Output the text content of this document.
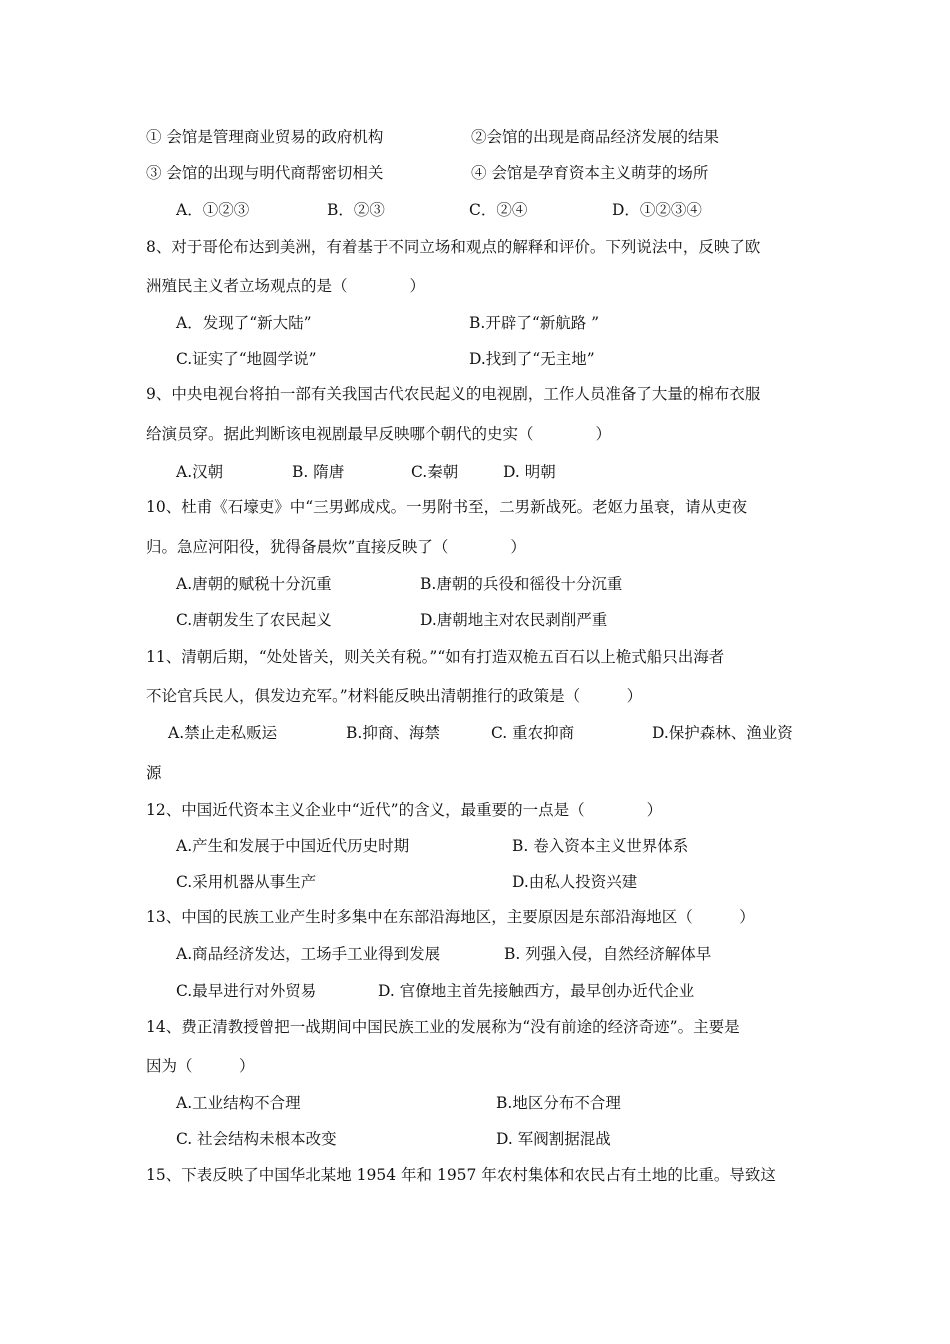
① 会馆是管理商业贸易的政府机构	②会馆的出现是商品经济发展的结果
③ 会馆的出现与明代商帮密切相关	④ 会馆是孕育资本主义萌芽的场所
A．①②③	B．②③	C．②④	D．①②③④
8、对于哥伦布达到美洲，有着基于不同立场和观点的解释和评价。下列说法中，反映了欧
洲殖民主义者立场观点的是（　　　　）
A．发现了“新大陆”	B.开辟了“新航路 ”
C.证实了“地圆学说”	D.找到了“无主地”
9、中央电视台将拍一部有关我国古代农民起义的电视剧，工作人员准备了大量的棉布衣服
给演员穿。据此判断该电视剧最早反映哪个朝代的史实（　　　　）
A.汉朝	B. 隋唐	C.秦朝	D. 明朝
10、杜甫《石壕吏》中“三男邺成戍。一男附书至，二男新战死。老妪力虽衰，请从吏夜
归。急应河阳役，犹得备晨炊”直接反映了（　　　　）
A.唐朝的赋税十分沉重	B.唐朝的兵役和徭役十分沉重
C.唐朝发生了农民起义	D.唐朝地主对农民剥削严重
11、清朝后期，“处处皆关，则关关有税。”“如有打造双桅五百石以上桅式船只出海者
不论官兵民人，俱发边充军。”材料能反映出清朝推行的政策是（　　　）
A.禁止走私贩运	B.抑商、海禁	C. 重农抑商	D.保护森林、渔业资
源
12、中国近代资本主义企业中“近代”的含义，最重要的一点是（　　　　）
A.产生和发展于中国近代历史时期	B. 卷入资本主义世界体系
C.采用机器从事生产	D.由私人投资兴建
13、中国的民族工业产生时多集中在东部沿海地区，主要原因是东部沿海地区（　　　）
A.商品经济发达，工场手工业得到发展	B. 列强入侵，自然经济解体早
C.最早进行对外贸易	D. 官僚地主首先接触西方，最早创办近代企业
14、费正清教授曾把一战期间中国民族工业的发展称为“没有前途的经济奇迹”。主要是
因为（　　　）
A.工业结构不合理	B.地区分布不合理
C. 社会结构未根本改变	D. 军阀割据混战
15、下表反映了中国华北某地 1954 年和 1957 年农村集体和农民占有土地的比重。导致这
